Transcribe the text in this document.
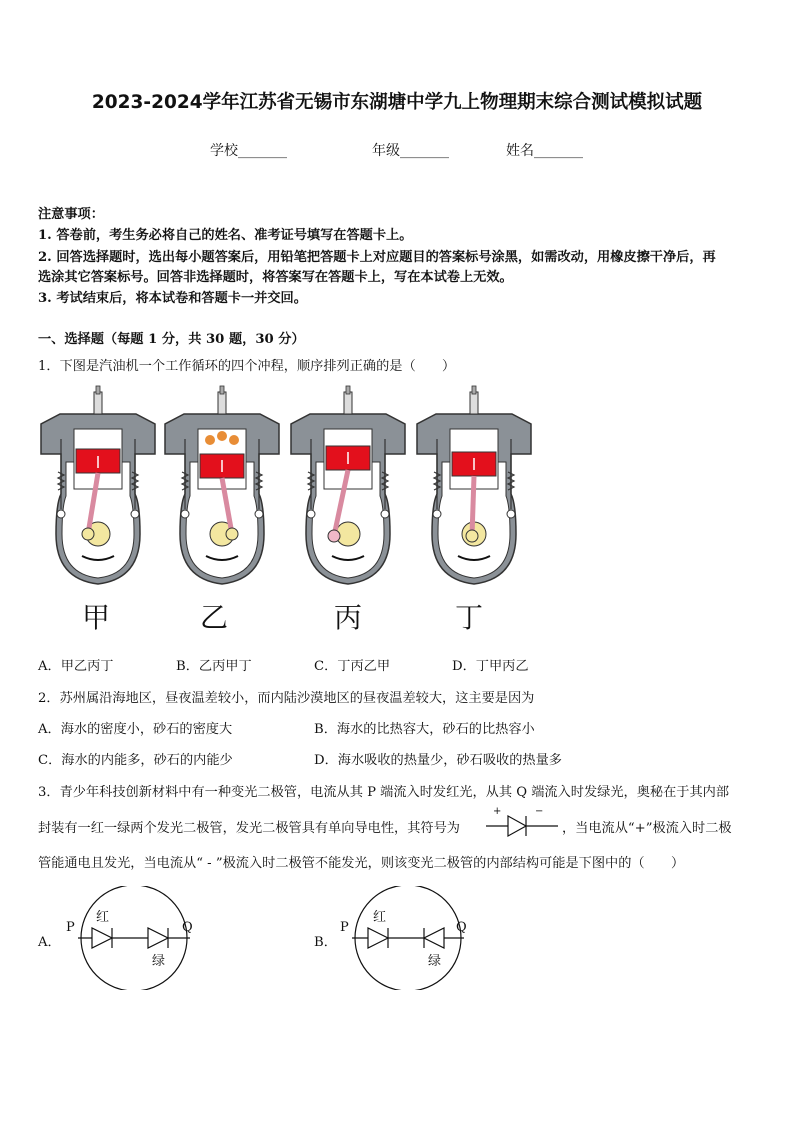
2023-2024学年江苏省无锡市东湖塘中学九上物理期末综合测试模拟试题
学校_______	年级_______	姓名_______
注意事项：
1. 答卷前，考生务必将自己的姓名、准考证号填写在答题卡上。
2. 回答选择题时，选出每小题答案后，用铅笔把答题卡上对应题目的答案标号涂黑，如需改动，用橡皮擦干净后，再
选涂其它答案标号。回答非选择题时，将答案写在答题卡上，写在本试卷上无效。
3. 考试结束后，将本试卷和答题卡一并交回。
一、选择题（每题 1 分，共 30 题，30 分）
1．下图是汽油机一个工作循环的四个冲程，顺序排列正确的是（　　）
甲	乙	丙	丁
A．甲乙丙丁	B．乙丙甲丁	C．丁丙乙甲	D．丁甲丙乙
2．苏州属沿海地区，昼夜温差较小，而内陆沙漠地区的昼夜温差较大，这主要是因为
A．海水的密度小，砂石的密度大	B．海水的比热容大，砂石的比热容小
C．海水的内能多，砂石的内能少	D．海水吸收的热量少，砂石吸收的热量多
3．青少年科技创新材料中有一种变光二极管，电流从其 P 端流入时发红光，从其 Q 端流入时发绿光，奥秘在于其内部
封装有一红一绿两个发光二极管，发光二极管具有单向导电性，其符号为
+	−
，当电流从“+”极流入时二极
管能通电且发光，当电流从“ - ”极流入时二极管不能发光，则该变光二极管的内部结构可能是下图中的（　　）
A．
P	Q
红
绿
B．
P	Q
红
绿
